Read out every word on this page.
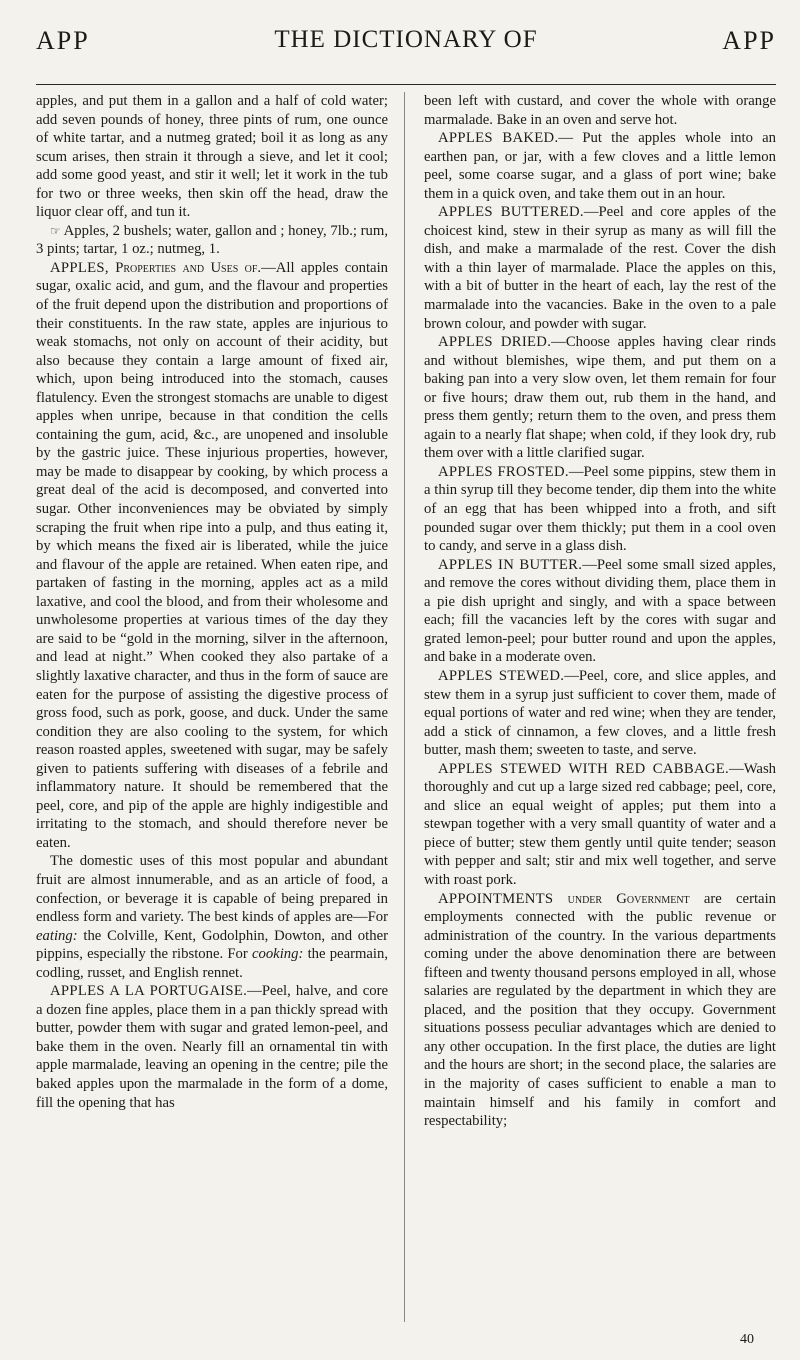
APP	THE DICTIONARY OF	APP

apples, and put them in a gallon and a half of cold water; add seven pounds of honey, three pints of rum, one ounce of white tartar, and a nutmeg grated; boil it as long as any scum arises, then strain it through a sieve, and let it cool; add some good yeast, and stir it well; let it work in the tub for two or three weeks, then skin off the head, draw the liquor clear off, and tun it.

☞ Apples, 2 bushels; water, gallon and ; honey, 7lb.; rum, 3 pints; tartar, 1 oz.; nutmeg, 1.

APPLES, Properties and Uses of.—All apples contain sugar, oxalic acid, and gum, and the flavour and properties of the fruit depend upon the distribution and proportions of their constituents. In the raw state, apples are injurious to weak stomachs, not only on account of their acidity, but also because they contain a large amount of fixed air, which, upon being introduced into the stomach, causes flatulency. Even the strongest stomachs are unable to digest apples when unripe, because in that condition the cells containing the gum, acid, &c., are unopened and insoluble by the gastric juice. These injurious properties, however, may be made to disappear by cooking, by which process a great deal of the acid is decomposed, and converted into sugar. Other inconveniences may be obviated by simply scraping the fruit when ripe into a pulp, and thus eating it, by which means the fixed air is liberated, while the juice and flavour of the apple are retained. When eaten ripe, and partaken of fasting in the morning, apples act as a mild laxative, and cool the blood, and from their wholesome and unwholesome properties at various times of the day they are said to be “gold in the morning, silver in the afternoon, and lead at night.” When cooked they also partake of a slightly laxative character, and thus in the form of sauce are eaten for the purpose of assisting the digestive process of gross food, such as pork, goose, and duck. Under the same condition they are also cooling to the system, for which reason roasted apples, sweetened with sugar, may be safely given to patients suffering with diseases of a febrile and inflammatory nature. It should be remembered that the peel, core, and pip of the apple are highly indigestible and irritating to the stomach, and should therefore never be eaten.

The domestic uses of this most popular and abundant fruit are almost innumerable, and as an article of food, a confection, or beverage it is capable of being prepared in endless form and variety. The best kinds of apples are—For eating: the Colville, Kent, Godolphin, Dowton, and other pippins, especially the ribstone. For cooking: the pearmain, codling, russet, and English rennet.

APPLES A LA PORTUGAISE.—Peel, halve, and core a dozen fine apples, place them in a pan thickly spread with butter, powder them with sugar and grated lemon-peel, and bake them in the oven. Nearly fill an ornamental tin with apple marmalade, leaving an opening in the centre; pile the baked apples upon the marmalade in the form of a dome, fill the opening that has

been left with custard, and cover the whole with orange marmalade. Bake in an oven and serve hot.

APPLES BAKED.— Put the apples whole into an earthen pan, or jar, with a few cloves and a little lemon peel, some coarse sugar, and a glass of port wine; bake them in a quick oven, and take them out in an hour.

APPLES BUTTERED.—Peel and core apples of the choicest kind, stew in their syrup as many as will fill the dish, and make a marmalade of the rest. Cover the dish with a thin layer of marmalade. Place the apples on this, with a bit of butter in the heart of each, lay the rest of the marmalade into the vacancies. Bake in the oven to a pale brown colour, and powder with sugar.

APPLES DRIED.—Choose apples having clear rinds and without blemishes, wipe them, and put them on a baking pan into a very slow oven, let them remain for four or five hours; draw them out, rub them in the hand, and press them gently; return them to the oven, and press them again to a nearly flat shape; when cold, if they look dry, rub them over with a little clarified sugar.

APPLES FROSTED.—Peel some pippins, stew them in a thin syrup till they become tender, dip them into the white of an egg that has been whipped into a froth, and sift pounded sugar over them thickly; put them in a cool oven to candy, and serve in a glass dish.

APPLES IN BUTTER.—Peel some small sized apples, and remove the cores without dividing them, place them in a pie dish upright and singly, and with a space between each; fill the vacancies left by the cores with sugar and grated lemon-peel; pour butter round and upon the apples, and bake in a moderate oven.

APPLES STEWED.—Peel, core, and slice apples, and stew them in a syrup just sufficient to cover them, made of equal portions of water and red wine; when they are tender, add a stick of cinnamon, a few cloves, and a little fresh butter, mash them; sweeten to taste, and serve.

APPLES STEWED WITH RED CABBAGE.—Wash thoroughly and cut up a large sized red cabbage; peel, core, and slice an equal weight of apples; put them into a stewpan together with a very small quantity of water and a piece of butter; stew them gently until quite tender; season with pepper and salt; stir and mix well together, and serve with roast pork.

APPOINTMENTS under Government are certain employments connected with the public revenue or administration of the country. In the various departments coming under the above denomination there are between fifteen and twenty thousand persons employed in all, whose salaries are regulated by the department in which they are placed, and the position that they occupy. Government situations possess peculiar advantages which are denied to any other occupation. In the first place, the duties are light and the hours are short; in the second place, the salaries are in the majority of cases sufficient to enable a man to maintain himself and his family in comfort and respectability;

40
